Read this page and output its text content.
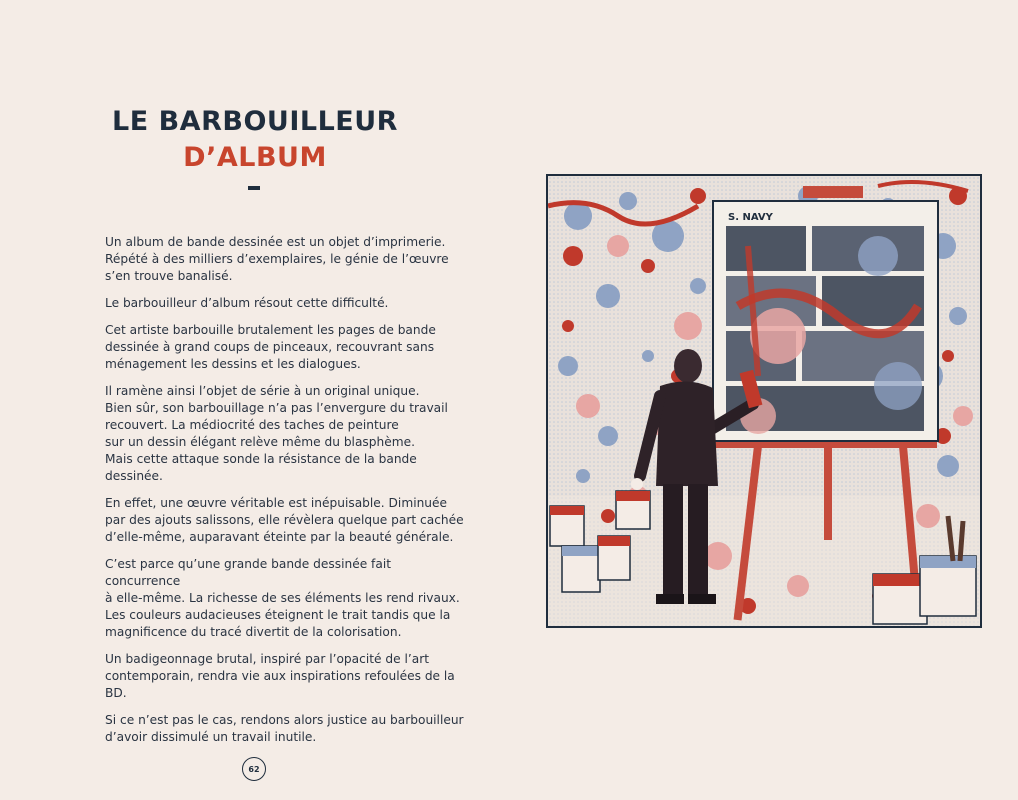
LE BARBOUILLEUR
D’ALBUM

Un album de bande dessinée est un objet d’imprimerie.
Répété à des milliers d’exemplaires, le génie de l’œuvre
s’en trouve banalisé.

Le barbouilleur d’album résout cette difficulté.

Cet artiste barbouille brutalement les pages de bande
dessinée à grand coups de pinceaux, recouvrant sans
ménagement les dessins et les dialogues.

Il ramène ainsi l’objet de série à un original unique.
Bien sûr, son barbouillage n’a pas l’envergure du travail
recouvert. La médiocrité des taches de peinture
sur un dessin élégant relève même du blasphème.
Mais cette attaque sonde la résistance de la bande dessinée.

En effet, une œuvre véritable est inépuisable. Diminuée
par des ajouts salissons, elle révèlera quelque part cachée
d’elle-même, auparavant éteinte par la beauté générale.

C’est parce qu’une grande bande dessinée fait concurrence
à elle-même. La richesse de ses éléments les rend rivaux.
Les couleurs audacieuses éteignent le trait tandis que la
magnificence du tracé divertit de la colorisation.

Un badigeonnage brutal, inspiré par l’opacité de l’art
contemporain, rendra vie aux inspirations refoulées de la BD.

Si ce n’est pas le cas, rendons alors justice au barbouilleur
d’avoir dissimulé un travail inutile.

62
S. NAVY
